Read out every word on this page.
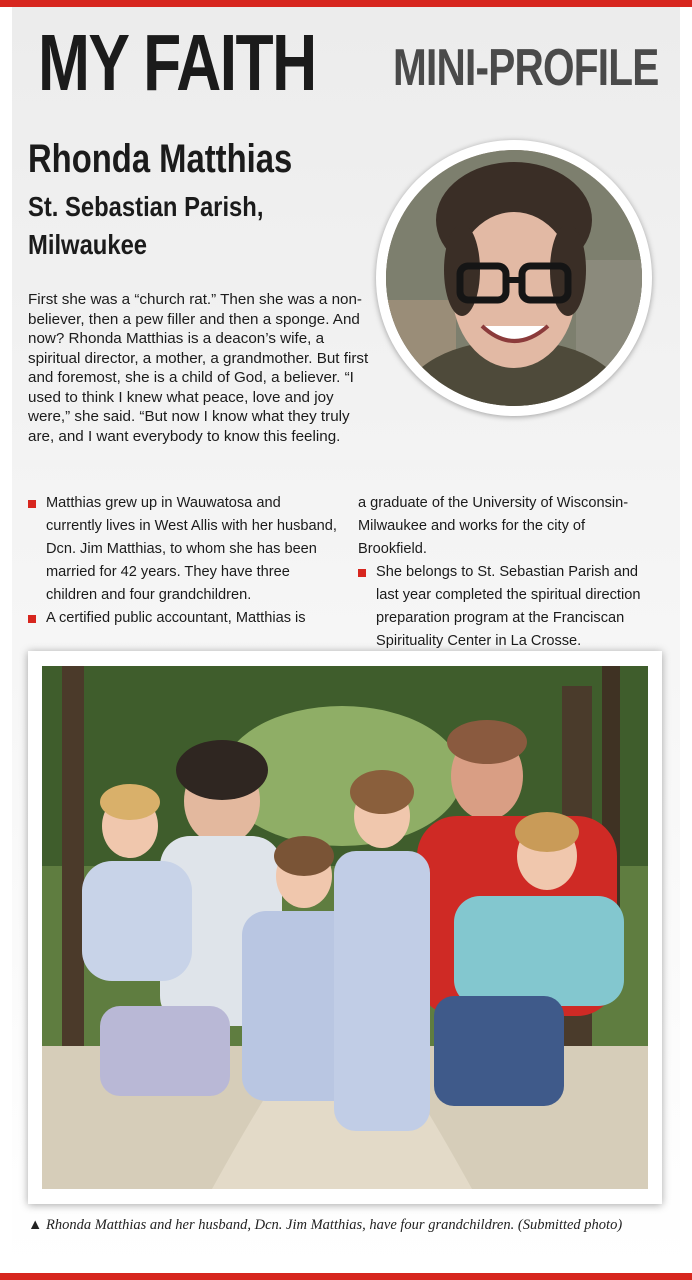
MY FAITH MINI-PROFILE
Rhonda Matthias
St. Sebastian Parish,
Milwaukee
First she was a “church rat.” Then she was a non-believer, then a pew filler and then a sponge. And now? Rhonda Matthias is a deacon’s wife, a spiritual director, a mother, a grandmother. But first and foremost, she is a child of God, a believer. “I used to think I knew what peace, love and joy were,” she said. “But now I know what they truly are, and I want everybody to know this feeling.

Matthias grew up in Wauwatosa and currently lives in West Allis with her husband, Dcn. Jim Matthias, to whom she has been married for 42 years. They have three children and four grandchildren.

A certified public accountant, Matthias is

a graduate of the University of Wisconsin-Milwaukee and works for the city of Brookfield.

She belongs to St. Sebastian Parish and last year completed the spiritual direction preparation program at the Franciscan Spirituality Center in La Crosse.

▲ Rhonda Matthias and her husband, Dcn. Jim Matthias, have four grandchildren. (Submitted photo)
